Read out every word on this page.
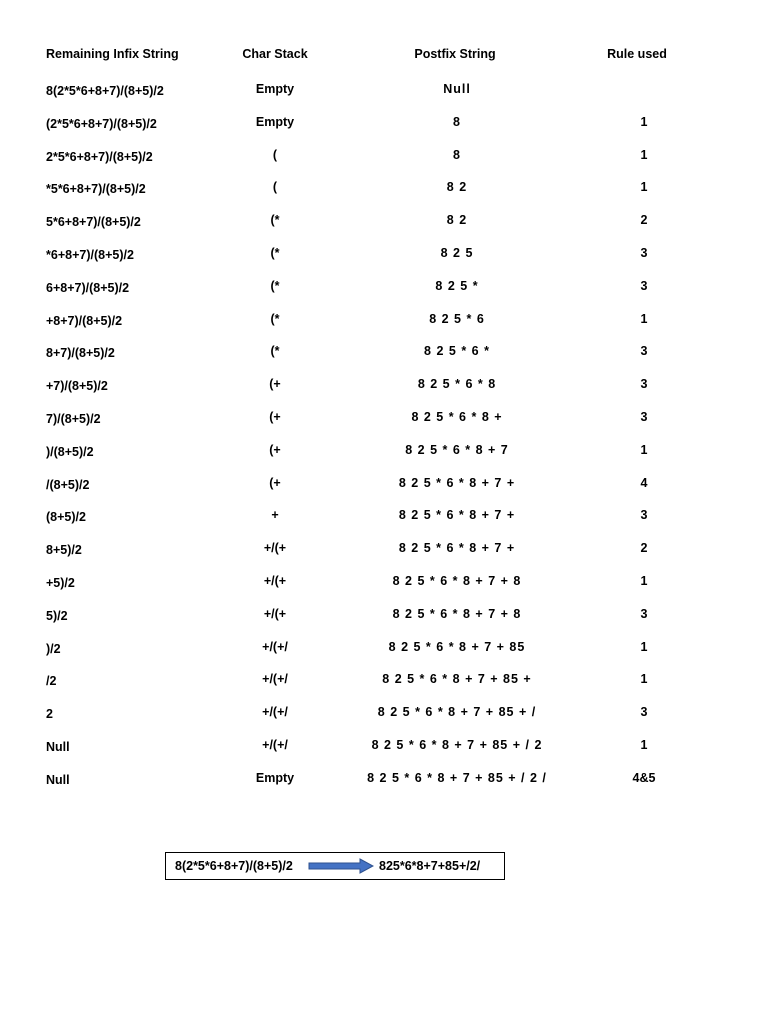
Remaining Infix String	Char Stack	Postfix String	Rule used
8(2*5*6+8+7)/(8+5)/2	Empty	Null
(2*5*6+8+7)/(8+5)/2	Empty	8	1
2*5*6+8+7)/(8+5)/2	(	8	1
*5*6+8+7)/(8+5)/2	(	8 2	1
5*6+8+7)/(8+5)/2	(*	8 2	2
*6+8+7)/(8+5)/2	(*	8 2 5	3
6+8+7)/(8+5)/2	(*	8 2 5 *	3
+8+7)/(8+5)/2	(*	8 2 5 * 6	1
8+7)/(8+5)/2	(*	8 2 5 * 6 *	3
+7)/(8+5)/2	(+	8 2 5 * 6 * 8	3
7)/(8+5)/2	(+	8 2 5 * 6 * 8 +	3
)/(8+5)/2	(+	8 2 5 * 6 * 8 + 7	1
/(8+5)/2	(+	8 2 5 * 6 * 8 + 7 +	4
(8+5)/2	+	8 2 5 * 6 * 8 + 7 +	3
8+5)/2	+/(+	8 2 5 * 6 * 8 + 7 +	2
+5)/2	+/(+	8 2 5 * 6 * 8 + 7 + 8	1
5)/2	+/(+	8 2 5 * 6 * 8 + 7 + 8	3
)/2	+/(+/	8 2 5 * 6 * 8 + 7 + 85	1
/2	+/(+/	8 2 5 * 6 * 8 + 7 + 85 +	1
2	+/(+/	8 2 5 * 6 * 8 + 7 + 85 + /	3
Null	+/(+/	8 2 5 * 6 * 8 + 7 + 85 + / 2	1
Null	Empty	8 2 5 * 6 * 8 + 7 + 85 + / 2 /	4&5
8(2*5*6+8+7)/(8+5)/2	825*6*8+7+85+/2/
